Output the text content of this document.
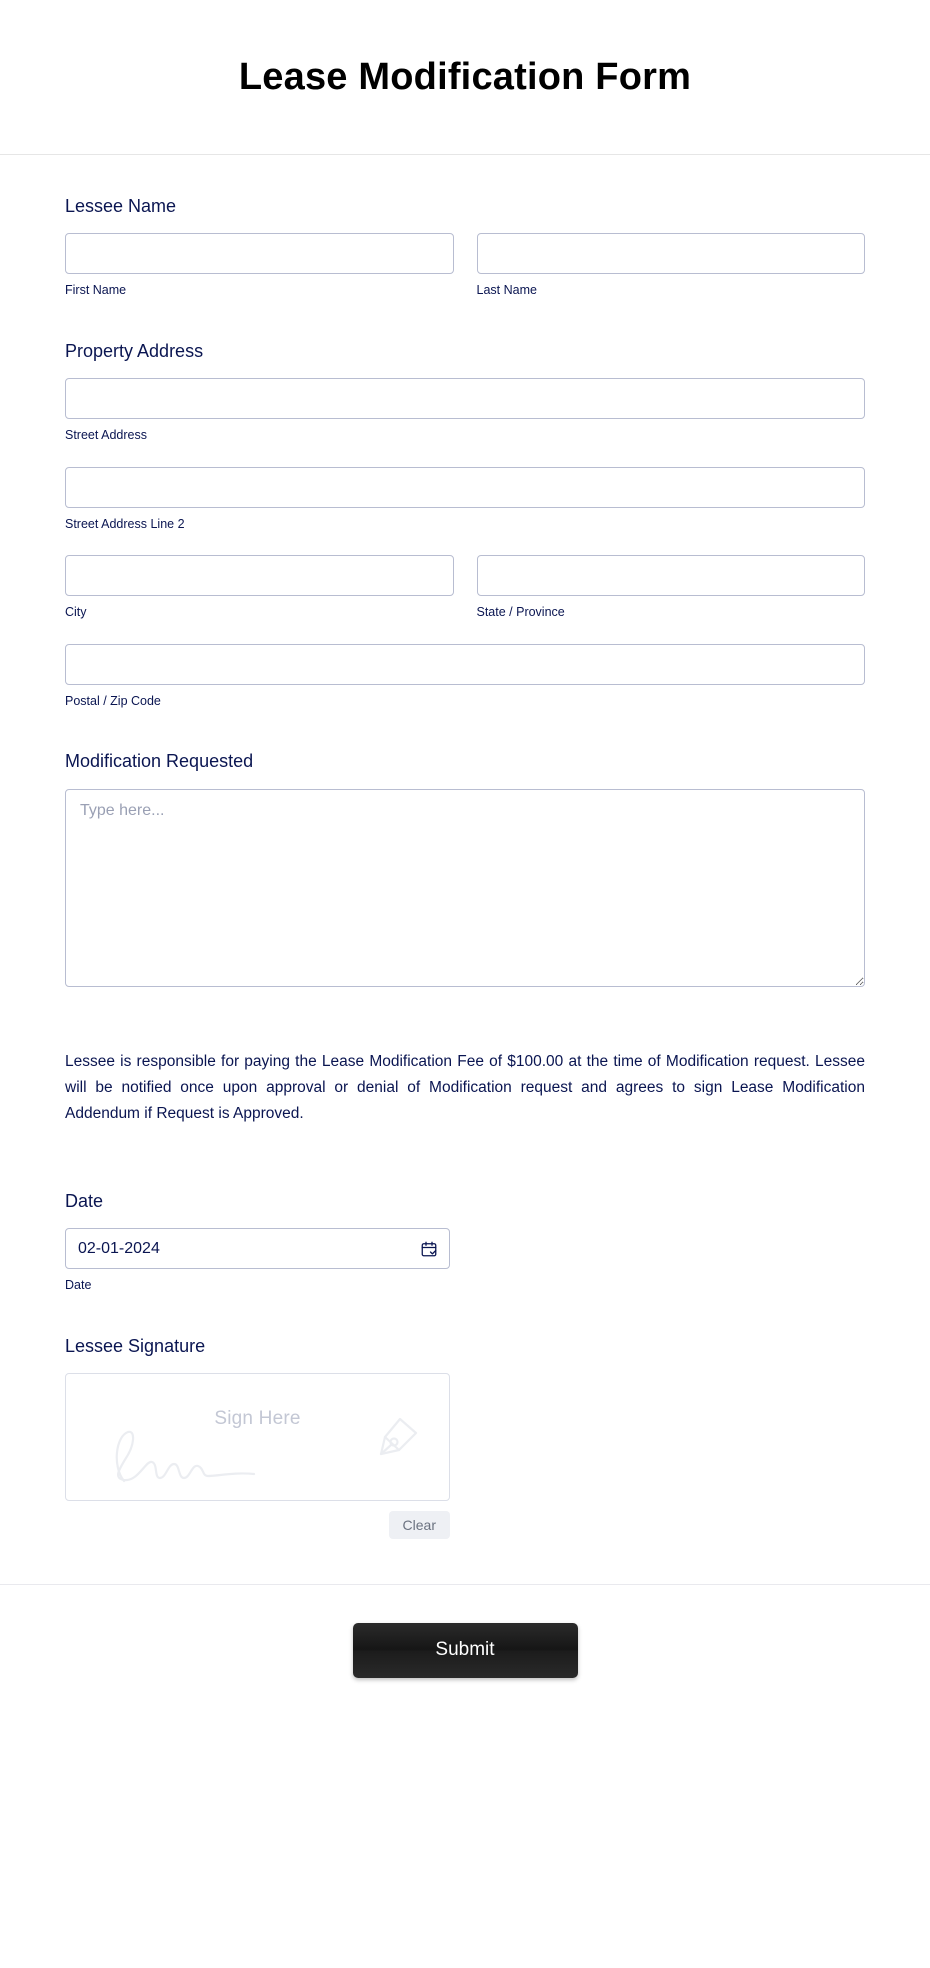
Lease Modification Form
Lessee Name
First Name	Last Name
Property Address
Street Address
Street Address Line 2
City	State / Province
Postal / Zip Code
Modification Requested
Type here...

Lessee is responsible for paying the Lease Modification Fee of $100.00 at the time of Modification request. Lessee will be notified once upon approval or denial of Modification request and agrees to sign Lease Modification Addendum if Request is Approved.

Date
02-01-2024
Date
Lessee Signature
Sign Here
Clear
Submit
